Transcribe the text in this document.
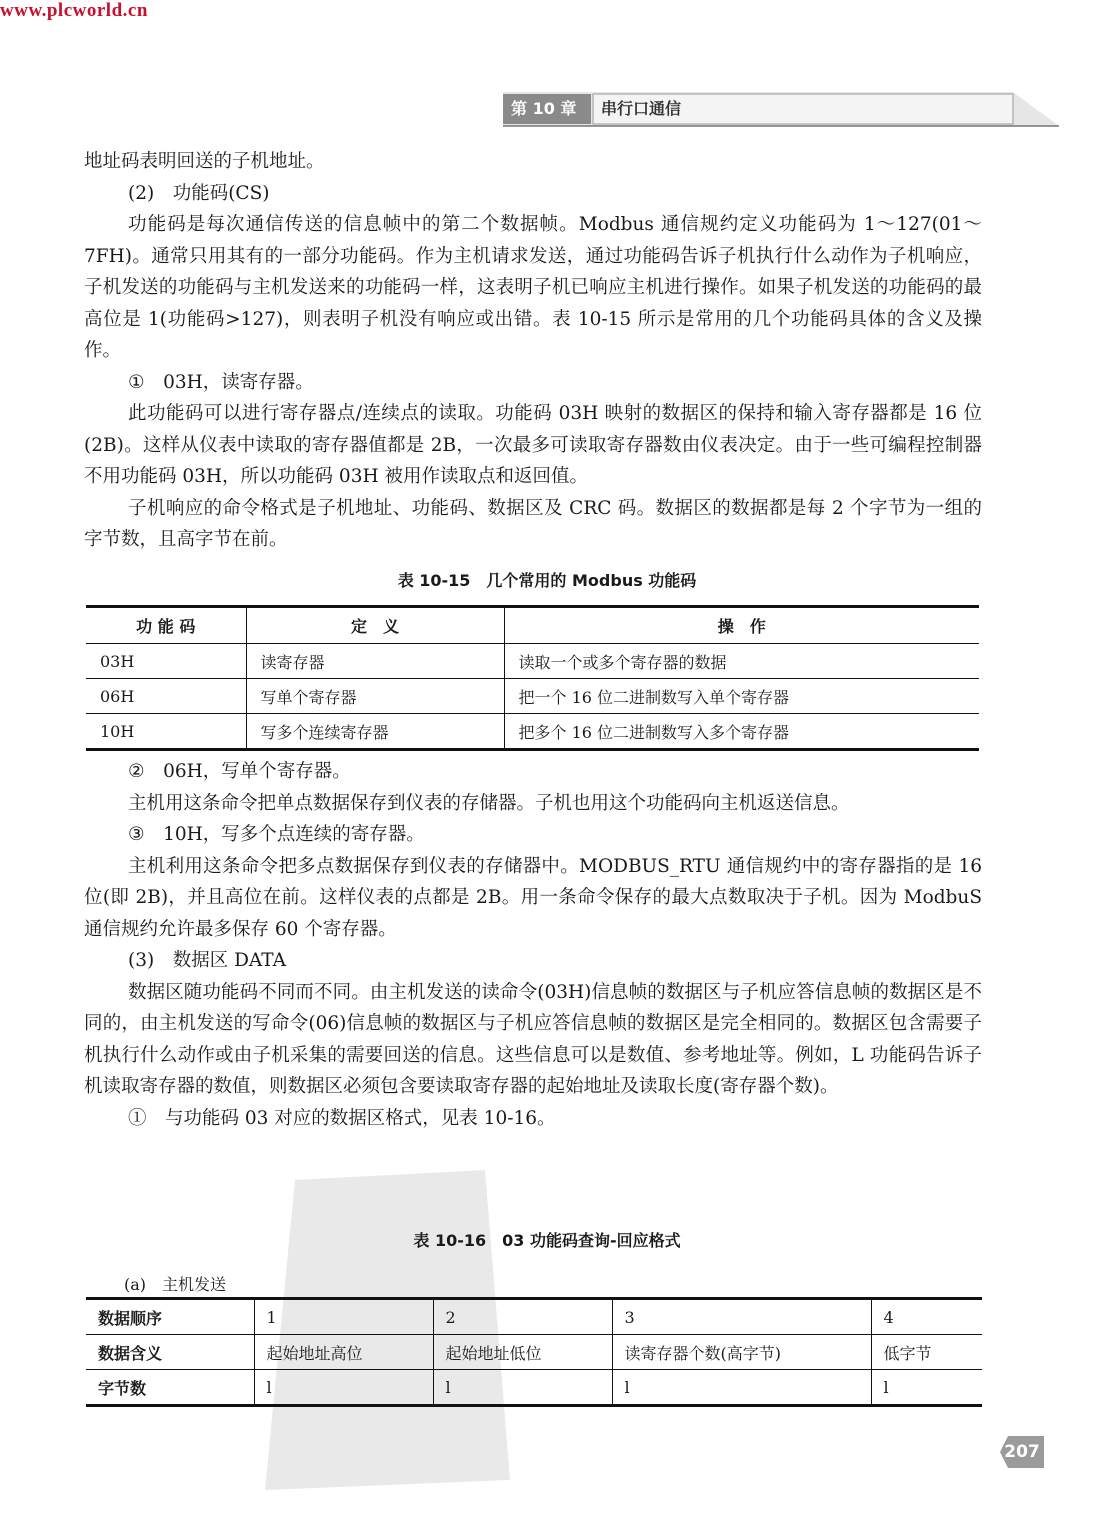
www.plcworld.cn
第 10 章 串行口通信

地址码表明回送的子机地址。

(2)　功能码(CS)

功能码是每次通信传送的信息帧中的第二个数据帧。Modbus 通信规约定义功能码为 1～127(01～7FH)。通常只用其有的一部分功能码。作为主机请求发送，通过功能码告诉子机执行什么动作为子机响应，子机发送的功能码与主机发送来的功能码一样，这表明子机已响应主机进行操作。如果子机发送的功能码的最高位是 1(功能码>127)，则表明子机没有响应或出错。表 10-15 所示是常用的几个功能码具体的含义及操作。

①　03H，读寄存器。

此功能码可以进行寄存器点/连续点的读取。功能码 03H 映射的数据区的保持和输入寄存器都是 16 位(2B)。这样从仪表中读取的寄存器值都是 2B，一次最多可读取寄存器数由仪表决定。由于一些可编程控制器不用功能码 03H，所以功能码 03H 被用作读取点和返回值。

子机响应的命令格式是子机地址、功能码、数据区及 CRC 码。数据区的数据都是每 2 个字节为一组的字节数，且高字节在前。

表 10-15　几个常用的 Modbus 功能码
功 能 码	定　义	操　作
03H	读寄存器	读取一个或多个寄存器的数据
06H	写单个寄存器	把一个 16 位二进制数写入单个寄存器
10H	写多个连续寄存器	把多个 16 位二进制数写入多个寄存器

②　06H，写单个寄存器。

主机用这条命令把单点数据保存到仪表的存储器。子机也用这个功能码向主机返送信息。

③　10H，写多个点连续的寄存器。

主机利用这条命令把多点数据保存到仪表的存储器中。MODBUS_RTU 通信规约中的寄存器指的是 16 位(即 2B)，并且高位在前。这样仪表的点都是 2B。用一条命令保存的最大点数取决于子机。因为 ModbuS 通信规约允许最多保存 60 个寄存器。

(3)　数据区 DATA

数据区随功能码不同而不同。由主机发送的读命令(03H)信息帧的数据区与子机应答信息帧的数据区是不同的，由主机发送的写命令(06)信息帧的数据区与子机应答信息帧的数据区是完全相同的。数据区包含需要子机执行什么动作或由子机采集的需要回送的信息。这些信息可以是数值、参考地址等。例如，L 功能码告诉子机读取寄存器的数值，则数据区必须包含要读取寄存器的起始地址及读取长度(寄存器个数)。

①　与功能码 03 对应的数据区格式，见表 10-16。

表 10-16　03 功能码查询-回应格式
(a)　主机发送
数据顺序	1	2	3	4
数据含义	起始地址高位	起始地址低位	读寄存器个数(高字节)	低字节
字节数	l	l	l	l
207
